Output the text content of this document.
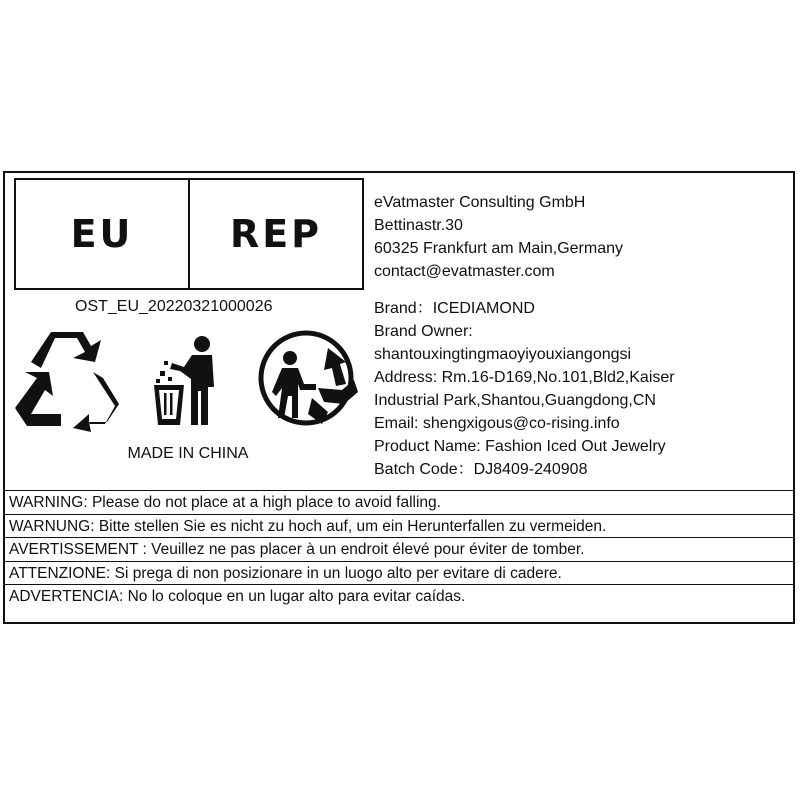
EU	REP
OST_EU_20220321000026
MADE IN CHINA
eVatmaster Consulting GmbH
Bettinastr.30
60325 Frankfurt am Main,Germany
contact@evatmaster.com
Brand：ICEDIAMOND
Brand Owner:
shantouxingtingmaoyiyouxiangongsi
Address: Rm.16-D169,No.101,Bld2,Kaiser
Industrial Park,Shantou,Guangdong,CN
Email: shengxigous@co-rising.info
Product Name: Fashion Iced Out Jewelry
Batch Code：DJ8409-240908
WARNING: Please do not place at a high place to avoid falling.
WARNUNG: Bitte stellen Sie es nicht zu hoch auf, um ein Herunterfallen zu vermeiden.
AVERTISSEMENT : Veuillez ne pas placer à un endroit élevé pour éviter de tomber.
ATTENZIONE: Si prega di non posizionare in un luogo alto per evitare di cadere.
ADVERTENCIA: No lo coloque en un lugar alto para evitar caídas.
